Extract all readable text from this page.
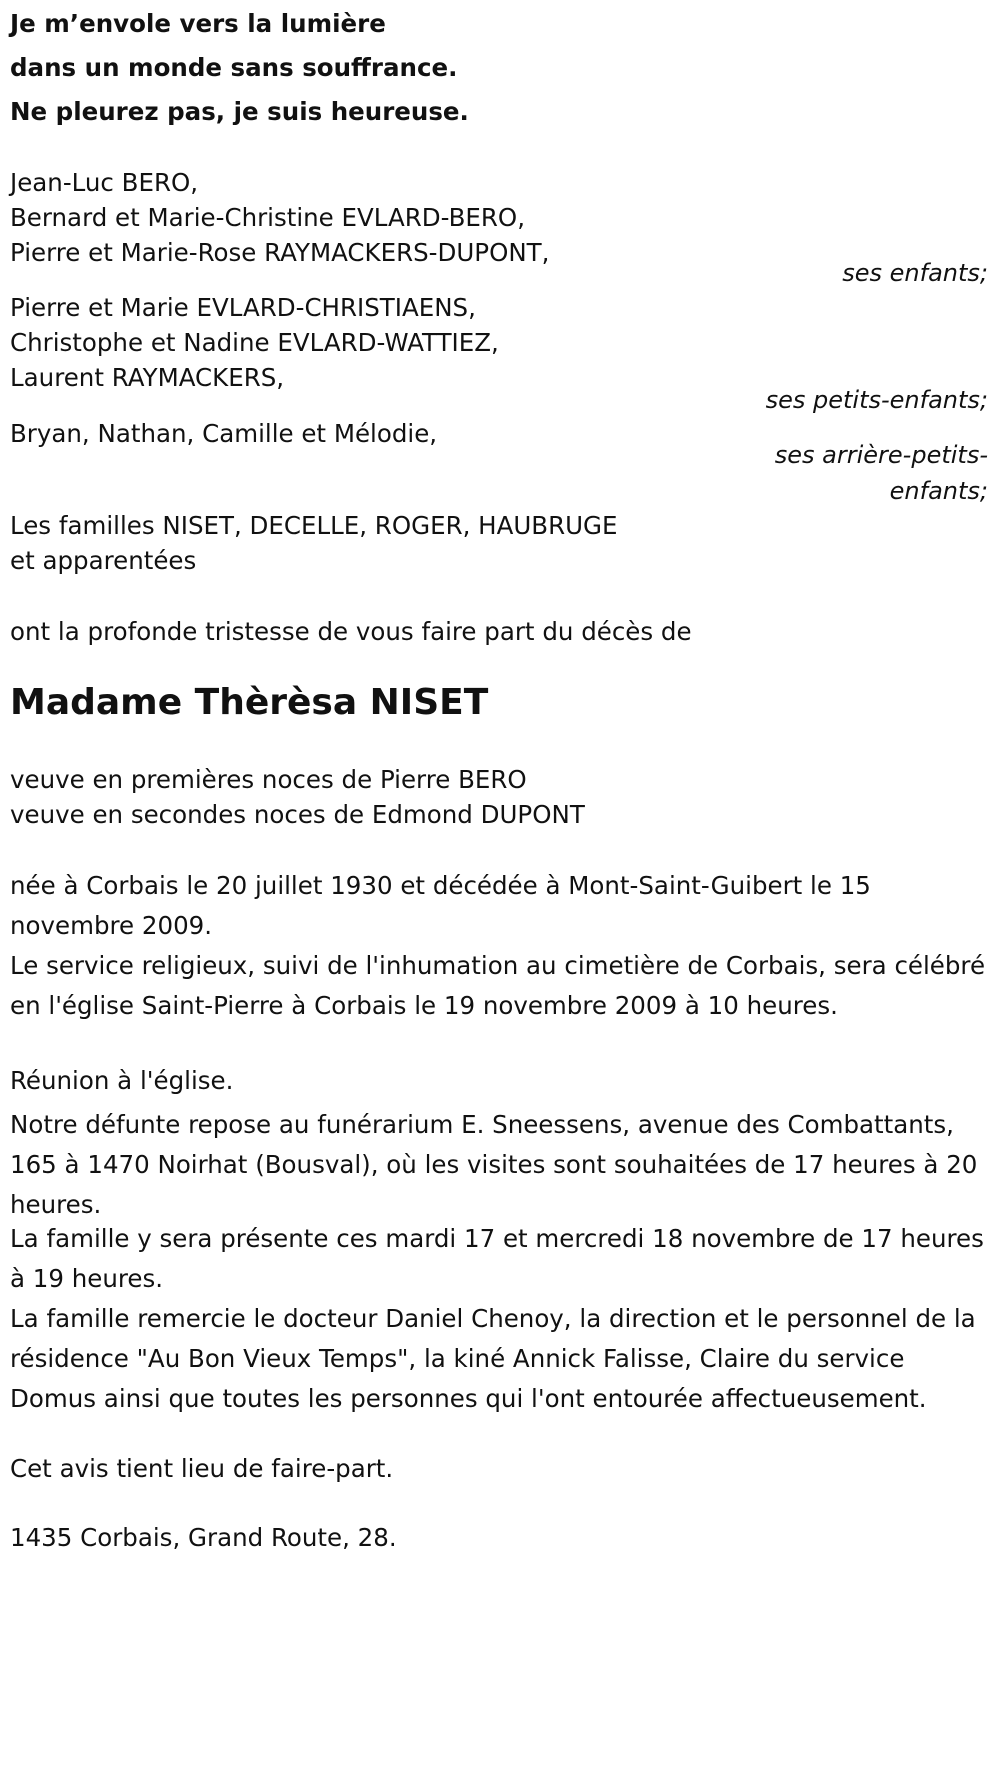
Je m’envole vers la lumière
dans un monde sans souffrance.
Ne pleurez pas, je suis heureuse.
Jean-Luc BERO,
Bernard et Marie-Christine EVLARD-BERO,
Pierre et Marie-Rose RAYMACKERS-DUPONT,
ses enfants;
Pierre et Marie EVLARD-CHRISTIAENS,
Christophe et Nadine EVLARD-WATTIEZ,
Laurent RAYMACKERS,
ses petits-enfants;
Bryan, Nathan, Camille et Mélodie,
ses arrière-petits-
enfants;
Les familles NISET, DECELLE, ROGER, HAUBRUGE
et apparentées
ont la profonde tristesse de vous faire part du décès de
Madame Thèrèsa NISET
veuve en premières noces de Pierre BERO
veuve en secondes noces de Edmond DUPONT
née à Corbais le 20 juillet 1930 et décédée à Mont-Saint-Guibert le 15 novembre 2009.
Le service religieux, suivi de l'inhumation au cimetière de Corbais, sera célébré en l'église Saint-Pierre à Corbais le 19 novembre 2009 à 10 heures.
Réunion à l'église.
Notre défunte repose au funérarium E. Sneessens, avenue des Combattants, 165 à 1470 Noirhat (Bousval), où les visites sont souhaitées de 17 heures à 20 heures.
La famille y sera présente ces mardi 17 et mercredi 18 novembre de 17 heures à 19 heures.
La famille remercie le docteur Daniel Chenoy, la direction et le personnel de la résidence "Au Bon Vieux Temps", la kiné Annick Falisse, Claire du service Domus ainsi que toutes les personnes qui l'ont entourée affectueusement.
Cet avis tient lieu de faire-part.
1435 Corbais, Grand Route, 28.
